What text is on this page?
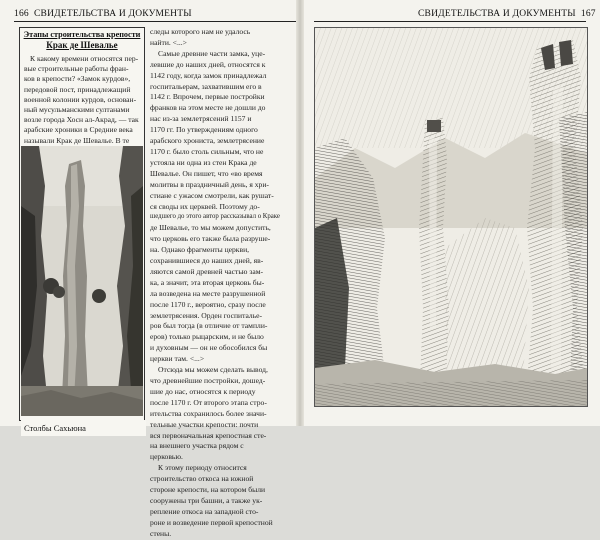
166 СВИДЕТЕЛЬСТВА И ДОКУМЕНТЫ
Этапы строительства крепости
Крак де Шевалье
К какому времени относятся пер-
вые строительные работы фран-
ков в крепости? «Замок курдов»,
передовой пост, принадлежащий
военной колонии курдов, основан-
ный мусульманскими султанами
возле города Хосн ал-Акрад, — так
арабские хроники в Средние века
называли Крак де Шевалье. В те
Столбы Сахьюна
следы которого нам не удалось
найти. <...>
Самые древние части замка, уце-
левшие до наших дней, относятся к
1142 году, когда замок принадлежал
госпитальерам, захватившим его в
1142 г. Впрочем, первые постройки
франков на этом месте не дошли до
нас из-за землетрясений 1157 и
1170 гг. По утверждениям одного
арабского хрониста, землетрясение
1170 г. было столь сильным, что не
устояла ни одна из стен Крака де
Шевалье. Он пишет, что «во время
молитвы в праздничный день, я хри-
стиане с ужасом смотрели, как рушат-
ся своды их церквей. Поэтому до-
шедшего до этого автор рассказывал о Краке
де Шевалье, то мы можем допустить,
что церковь его также была разруше-
на. Однако фрагменты церкви,
сохранившиеся до наших дней, яв-
ляются самой древней частью зам-
ка, а значит, эта вторая церковь бы-
ла возведена на месте разрушенной
после 1170 г., вероятно, сразу после
землетрясения. Орден госпиталье-
ров был тогда (в отличие от тампли-
еров) только рыцарским, и не было
и духовным — он не обособился бы
церкви там. <...>
Отсюда мы можем сделать вывод,
что древнейшие постройки, дошед-
шие до нас, относятся к периоду
после 1170 г. От второго этапа стро-
ительства сохранилось более значи-
тельные участки крепости: почти
вся первоначальная крепостная сте-
на внешнего участка рядом с
церковью.
К этому периоду относится
строительство откоса на южной
стороне крепости, на котором были
сооружены три башни, а также ук-
репление откоса на западной сто-
роне и возведение первой крепостной
стены.
СВИДЕТЕЛЬСТВА И ДОКУМЕНТЫ 167
